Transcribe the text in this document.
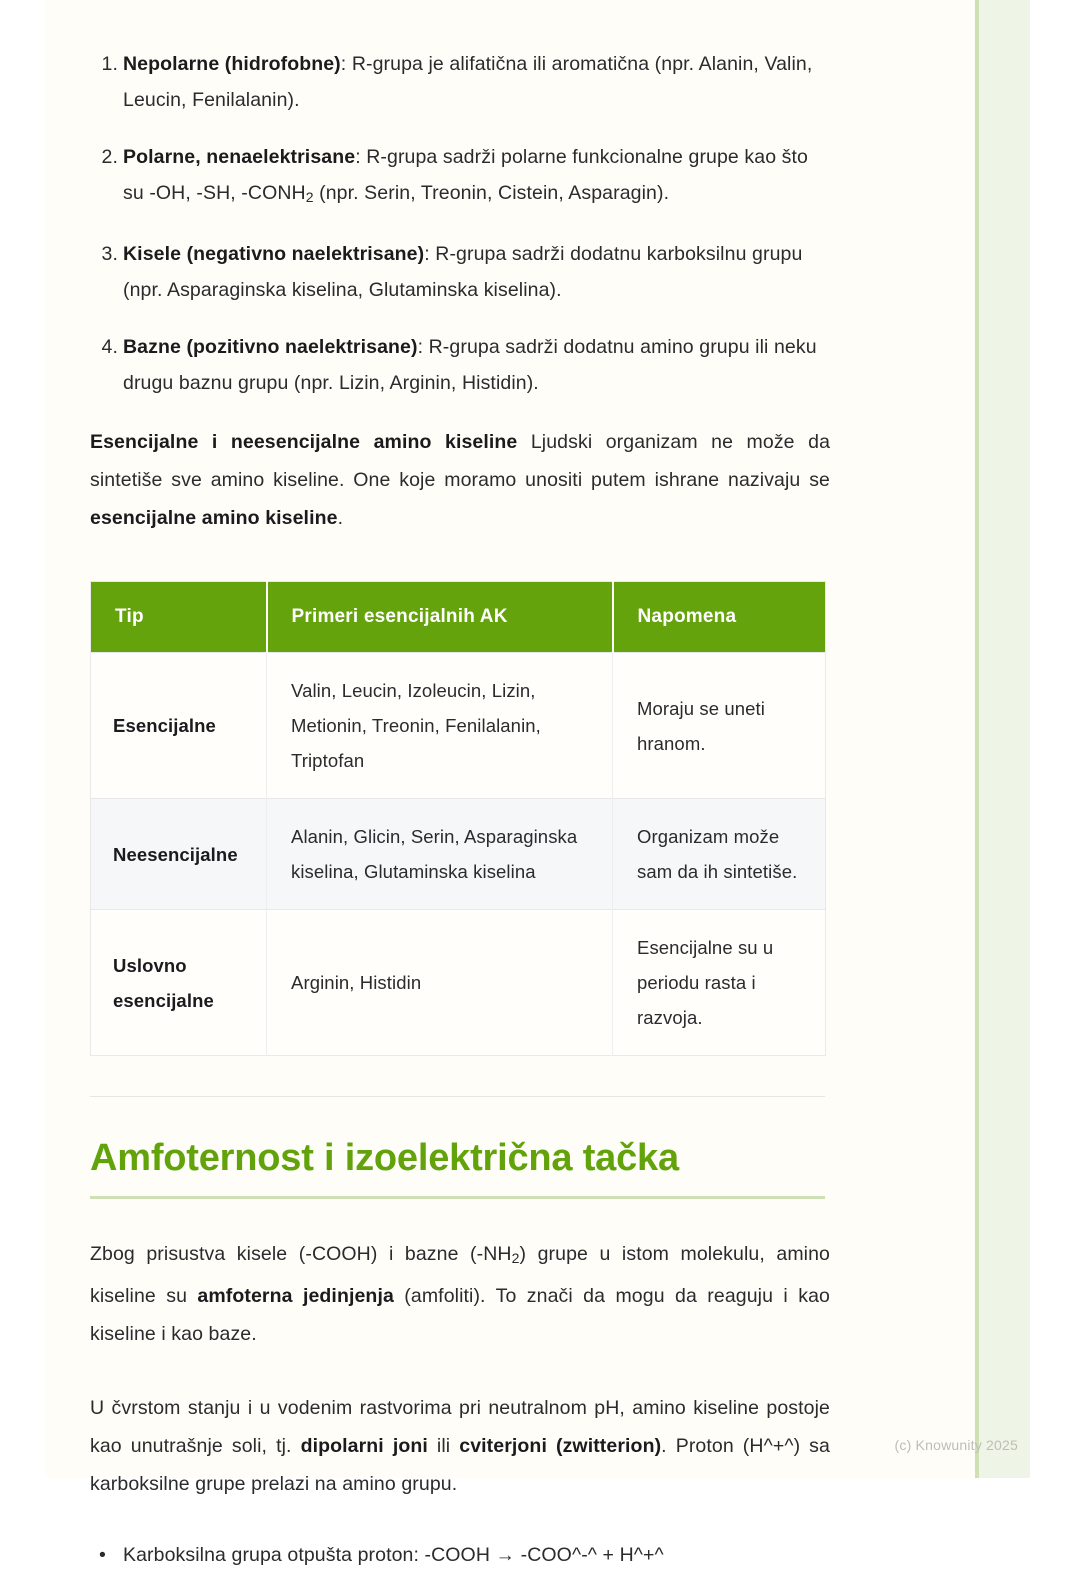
1. Nepolarne (hidrofobne): R-grupa je alifatična ili aromatična (npr. Alanin, Valin, Leucin, Fenilalanin).
2. Polarne, nenaelektrisane: R-grupa sadrži polarne funkcionalne grupe kao što su -OH, -SH, $-CONH_2$ (npr. Serin, Treonin, Cistein, Asparagin).
3. Kisele (negativno naelektrisane): R-grupa sadrži dodatnu karboksilnu grupu (npr. Asparaginska kiselina, Glutaminska kiselina).
4. Bazne (pozitivno naelektrisane): R-grupa sadrži dodatnu amino grupu ili neku drugu baznu grupu (npr. Lizin, Arginin, Histidin).

Esencijalne i neesencijalne amino kiseline Ljudski organizam ne može da sintetiše sve amino kiseline. One koje moramo unositi putem ishrane nazivaju se esencijalne amino kiseline.

Tip	Primeri esencijalnih AK	Napomena
Esencijalne	Valin, Leucin, Izoleucin, Lizin, Metionin, Treonin, Fenilalanin, Triptofan	Moraju se uneti hranom.
Neesencijalne	Alanin, Glicin, Serin, Asparaginska kiselina, Glutaminska kiselina	Organizam može sam da ih sintetiše.
Uslovno esencijalne	Arginin, Histidin	Esencijalne su u periodu rasta i razvoja.
Amfoternost i izoelektrična tačka

Zbog prisustva kisele (-COOH) i bazne $(-NH_2)$ grupe u istom molekulu, amino kiseline su amfoterna jedinjenja (amfoliti). To znači da mogu da reaguju i kao kiseline i kao baze.

U čvrstom stanju i u vodenim rastvorima pri neutralnom pH, amino kiseline postoje kao unutrašnje soli, tj. dipolarni joni ili cviterjoni (zwitterion). Proton (H^+^) sa karboksilne grupe prelazi na amino grupu.

• Karboksilna grupa otpušta proton: -COOH → -COO^-^ + H^+^
(c) Knowunity 2025
